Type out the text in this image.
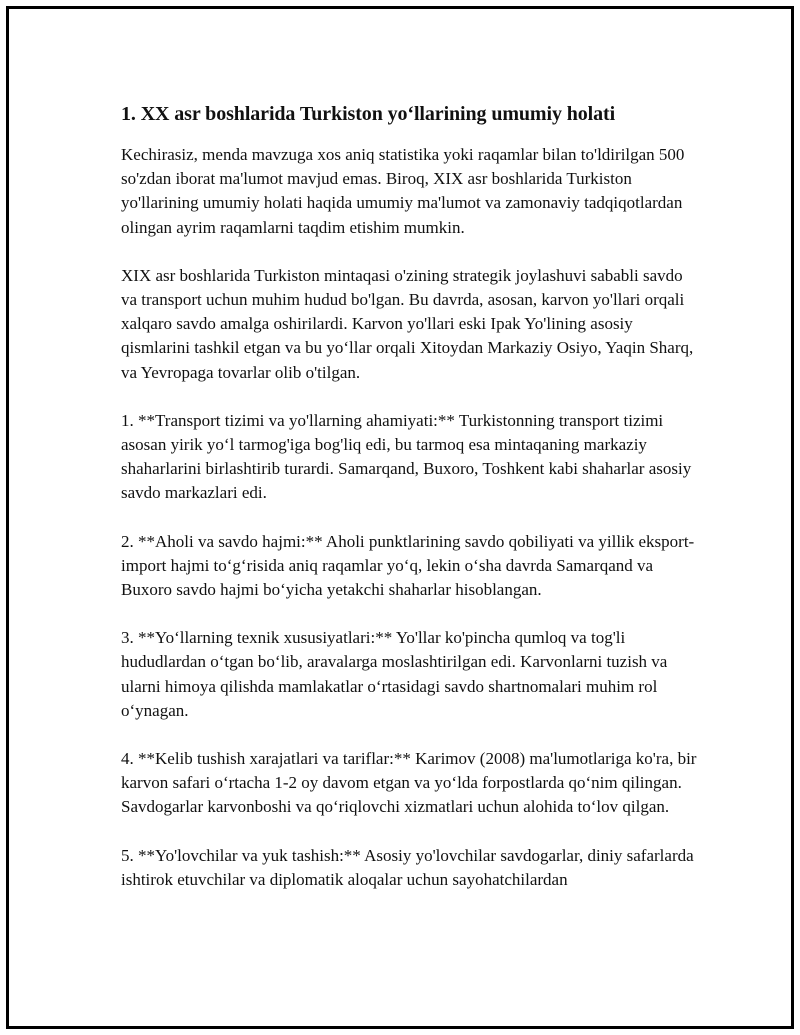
1. XX asr boshlarida Turkiston yo‘llarining umumiy holati

Kechirasiz, menda mavzuga xos aniq statistika yoki raqamlar bilan to'ldirilgan 500 so'zdan iborat ma'lumot mavjud emas. Biroq, XIX asr boshlarida Turkiston yo'llarining umumiy holati haqida umumiy ma'lumot va zamonaviy tadqiqotlardan olingan ayrim raqamlarni taqdim etishim mumkin.

XIX asr boshlarida Turkiston mintaqasi o'zining strategik joylashuvi sababli savdo va transport uchun muhim hudud bo'lgan. Bu davrda, asosan, karvon yo'llari orqali xalqaro savdo amalga oshirilardi. Karvon yo'llari eski Ipak Yo'lining asosiy qismlarini tashkil etgan va bu yo‘llar orqali Xitoydan Markaziy Osiyo, Yaqin Sharq, va Yevropaga tovarlar olib o'tilgan.

1. **Transport tizimi va yo'llarning ahamiyati:** Turkistonning transport tizimi asosan yirik yo‘l tarmog'iga bog'liq edi, bu tarmoq esa mintaqaning markaziy shaharlarini birlashtirib turardi. Samarqand, Buxoro, Toshkent kabi shaharlar asosiy savdo markazlari edi.

2. **Aholi va savdo hajmi:** Aholi punktlarining savdo qobiliyati va yillik eksport-import hajmi to‘g‘risida aniq raqamlar yo‘q, lekin o‘sha davrda Samarqand va Buxoro savdo hajmi bo‘yicha yetakchi shaharlar hisoblangan.

3. **Yo‘llarning texnik xususiyatlari:** Yo'llar ko'pincha qumloq va tog'li hududlardan o‘tgan bo‘lib, aravalarga moslashtirilgan edi. Karvonlarni tuzish va ularni himoya qilishda mamlakatlar o‘rtasidagi savdo shartnomalari muhim rol o‘ynagan.

4. **Kelib tushish xarajatlari va tariflar:** Karimov (2008) ma'lumotlariga ko'ra, bir karvon safari o‘rtacha 1-2 oy davom etgan va yo‘lda forpostlarda qo‘nim qilingan. Savdogarlar karvonboshi va qo‘riqlovchi xizmatlari uchun alohida to‘lov qilgan.

5. **Yo'lovchilar va yuk tashish:** Asosiy yo'lovchilar savdogarlar, diniy safarlarda ishtirok etuvchilar va diplomatik aloqalar uchun sayohatchilardan
